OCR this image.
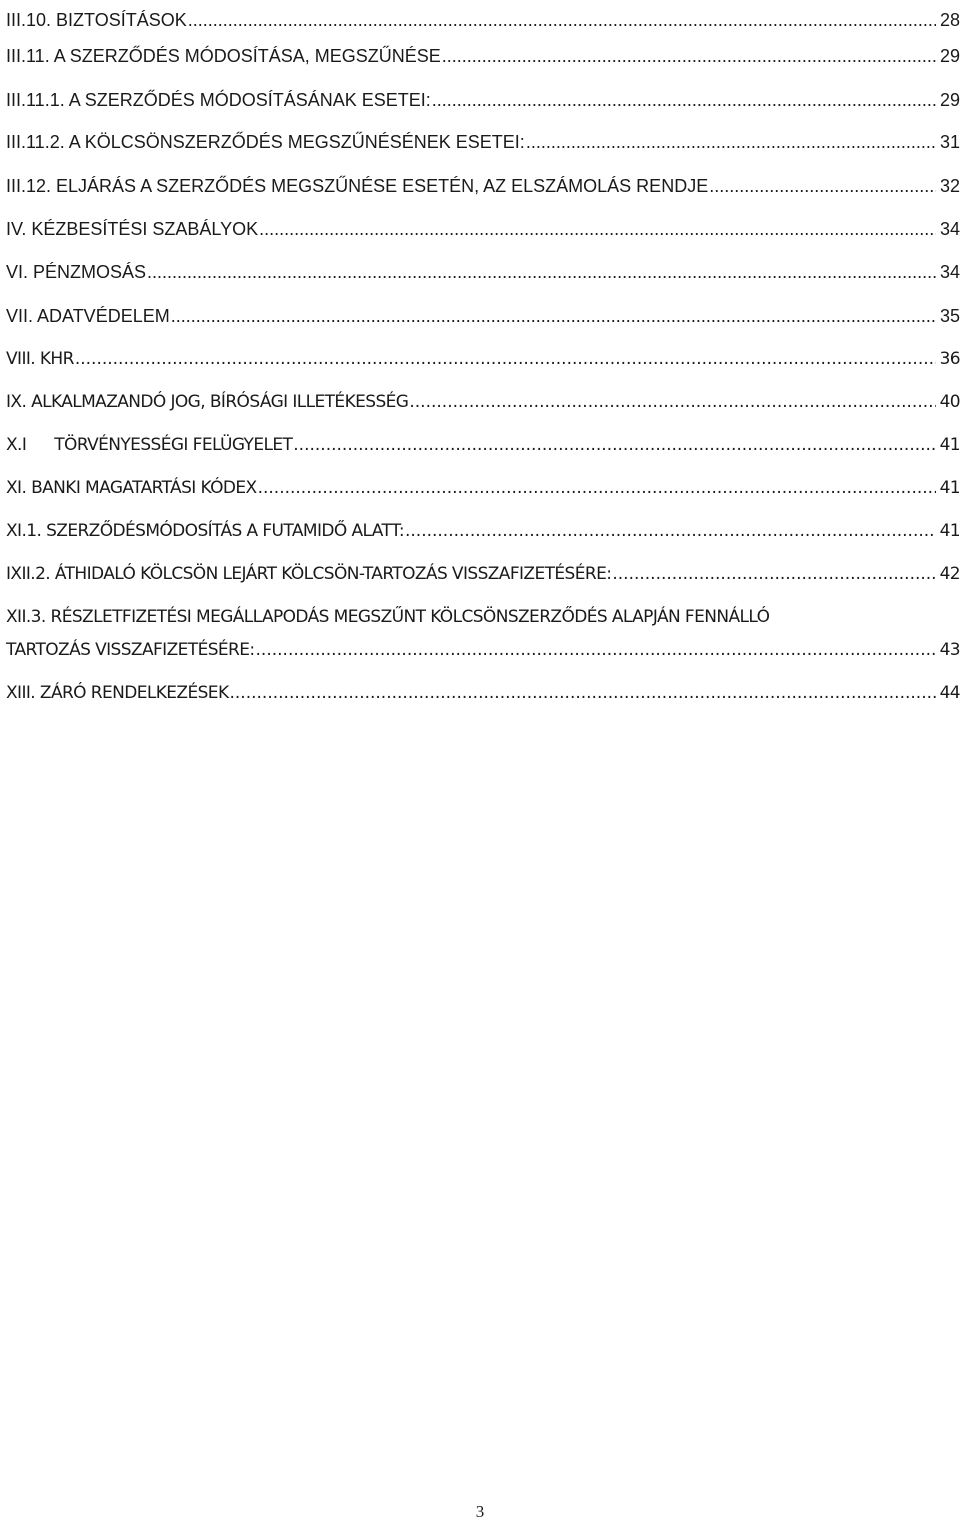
III.10. BIZTOSÍTÁSOK .....	28
III.11. A SZERZŐDÉS MÓDOSÍTÁSA, MEGSZŰNÉSE .....	29
III.11.1. A SZERZŐDÉS MÓDOSÍTÁSÁNAK ESETEI: .....	29
III.11.2. A KÖLCSÖNSZERZŐDÉS MEGSZŰNÉSÉNEK ESETEI: .....	31
III.12. ELJÁRÁS A SZERZŐDÉS MEGSZŰNÉSE ESETÉN, AZ ELSZÁMOLÁS RENDJE .....	32
IV. KÉZBESÍTÉSI SZABÁLYOK .....	34
VI. PÉNZMOSÁS .....	34
VII. ADATVÉDELEM .....	35
VIII. KHR .....	36
IX. ALKALMAZANDÓ JOG, BÍRÓSÁGI ILLETÉKESSÉG .....	40
X.I TÖRVÉNYESSÉGI FELÜGYELET .....	41
XI. BANKI MAGATARTÁSI KÓDEX .....	41
XI.1. SZERZŐDÉSMÓDOSÍTÁS A FUTAMIDŐ ALATT: .....	41
IXII.2. ÁTHIDALÓ KÖLCSÖN LEJÁRT KÖLCSÖN-TARTOZÁS VISSZAFIZETÉSÉRE: .....	42
XII.3. RÉSZLETFIZETÉSI MEGÁLLAPODÁS MEGSZŰNT KÖLCSÖNSZERZŐDÉS ALAPJÁN FENNÁLLÓ
TARTOZÁS VISSZAFIZETÉSÉRE: .....	43
XIII. ZÁRÓ RENDELKEZÉSEK .....	44
3
